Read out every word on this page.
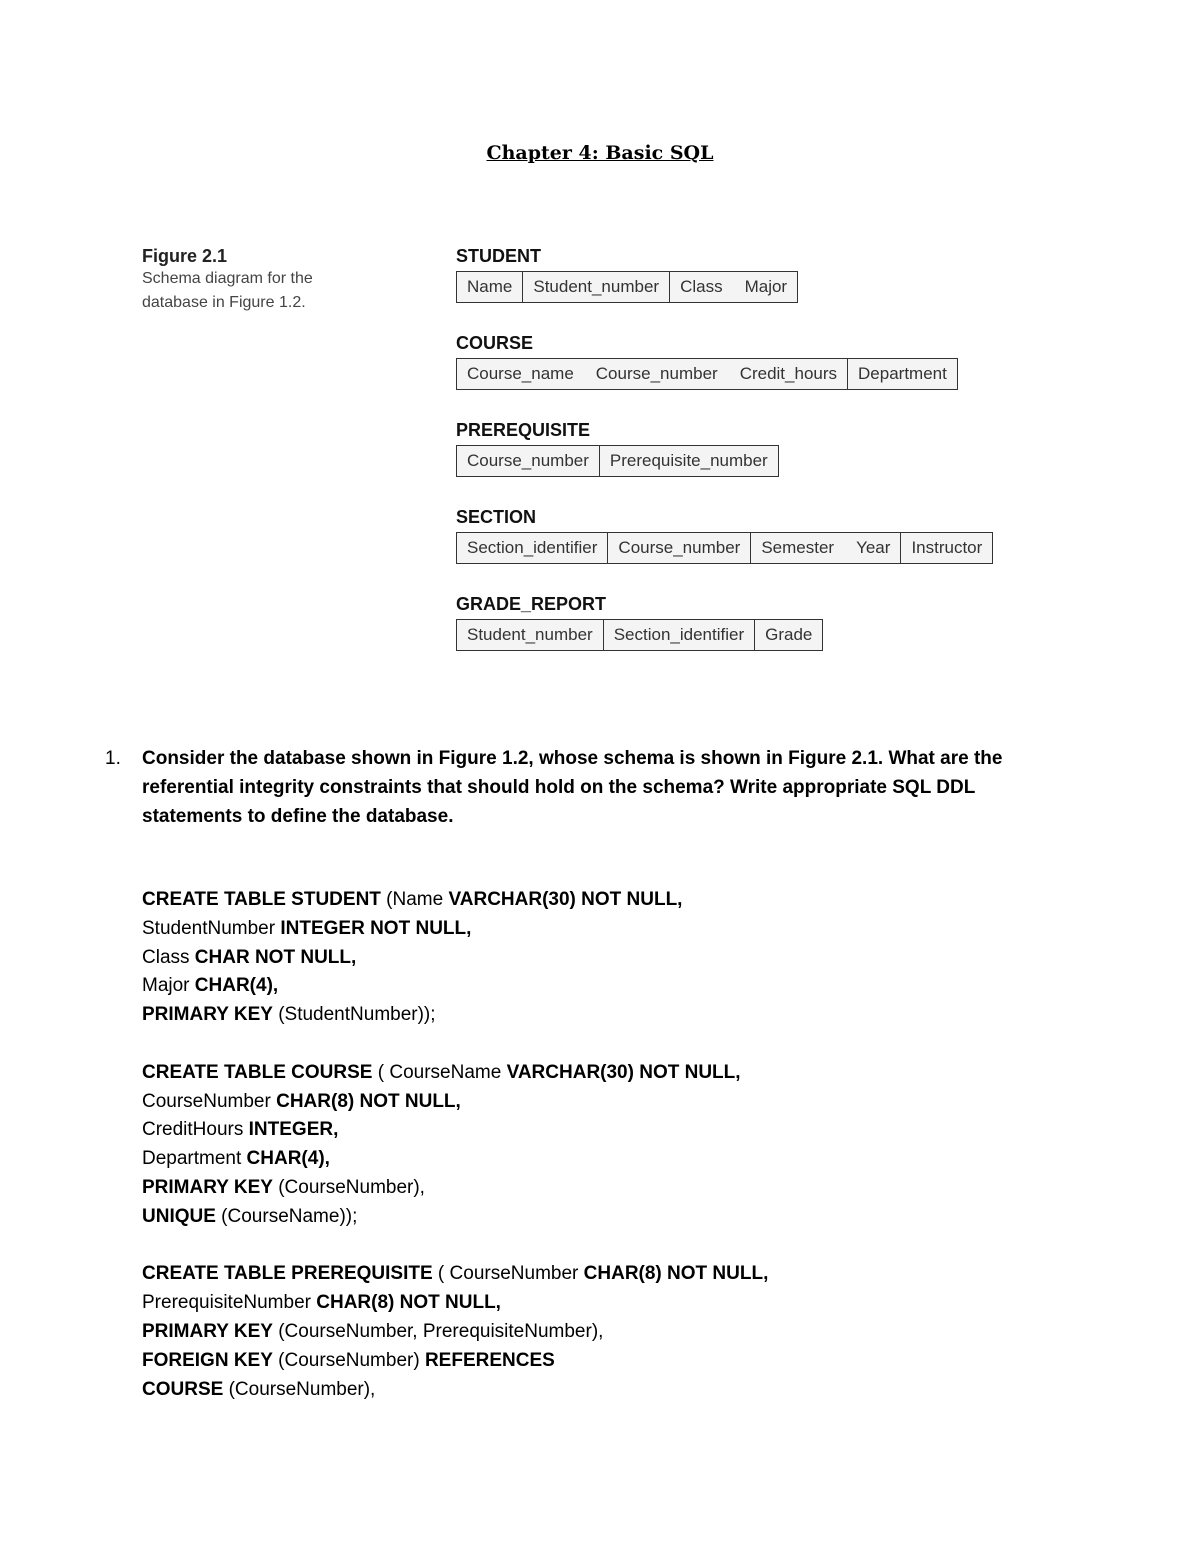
Chapter 4: Basic SQL
Figure 2.1
Schema diagram for the
database in Figure 1.2.
STUDENT
Name Student_number Class Major
COURSE
Course_name Course_number Credit_hours Department
PREREQUISITE
Course_number Prerequisite_number
SECTION
Section_identifier Course_number Semester Year Instructor
GRADE_REPORT
Student_number Section_identifier Grade
1. Consider the database shown in Figure 1.2, whose schema is shown in Figure 2.1. What are the referential integrity constraints that should hold on the schema? Write appropriate SQL DDL statements to define the database.
CREATE TABLE STUDENT (Name VARCHAR(30) NOT NULL,
StudentNumber INTEGER NOT NULL,
Class CHAR NOT NULL,
Major CHAR(4),
PRIMARY KEY (StudentNumber));
CREATE TABLE COURSE ( CourseName VARCHAR(30) NOT NULL,
CourseNumber CHAR(8) NOT NULL,
CreditHours INTEGER,
Department CHAR(4),
PRIMARY KEY (CourseNumber),
UNIQUE (CourseName));
CREATE TABLE PREREQUISITE ( CourseNumber CHAR(8) NOT NULL,
PrerequisiteNumber CHAR(8) NOT NULL,
PRIMARY KEY (CourseNumber, PrerequisiteNumber),
FOREIGN KEY (CourseNumber) REFERENCES
COURSE (CourseNumber),
